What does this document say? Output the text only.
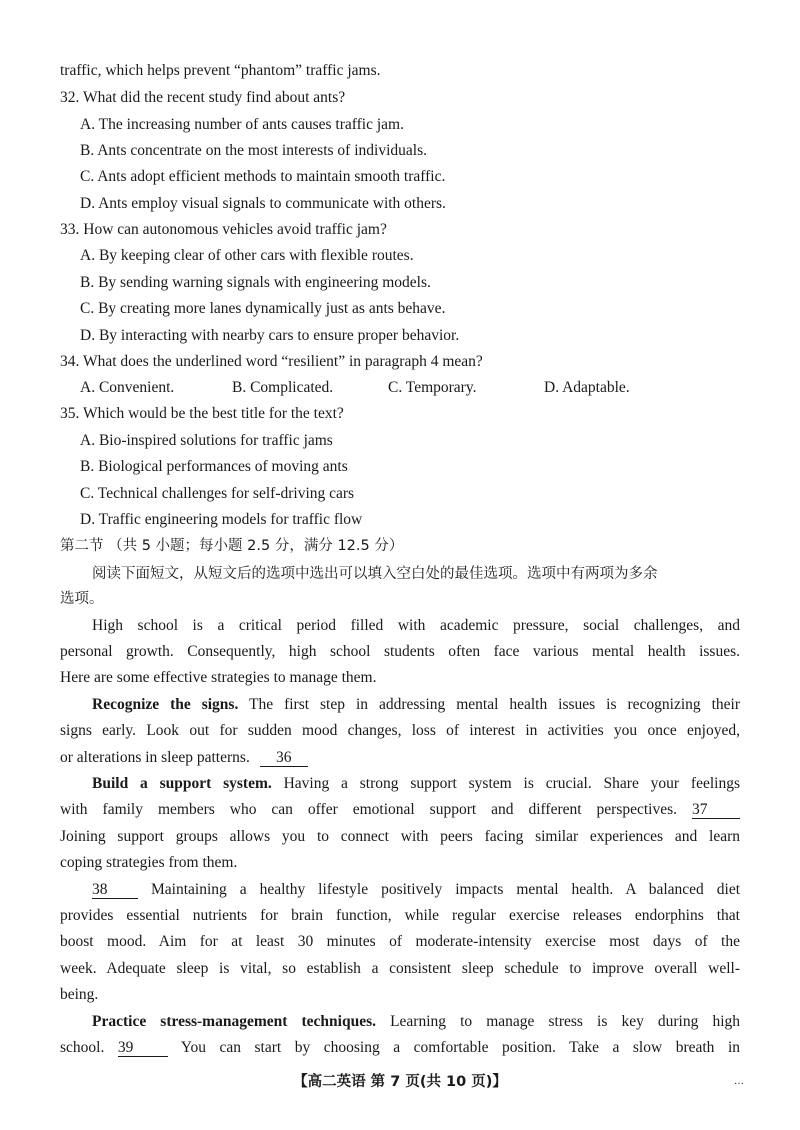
traffic, which helps prevent “phantom” traffic jams.
32. What did the recent study find about ants?
A. The increasing number of ants causes traffic jam.
B. Ants concentrate on the most interests of individuals.
C. Ants adopt efficient methods to maintain smooth traffic.
D. Ants employ visual signals to communicate with others.
33. How can autonomous vehicles avoid traffic jam?
A. By keeping clear of other cars with flexible routes.
B. By sending warning signals with engineering models.
C. By creating more lanes dynamically just as ants behave.
D. By interacting with nearby cars to ensure proper behavior.
34. What does the underlined word “resilient” in paragraph 4 mean?
A. Convenient.	B. Complicated.	C. Temporary.	D. Adaptable.
35. Which would be the best title for the text?
A. Bio-inspired solutions for traffic jams
B. Biological performances of moving ants
C. Technical challenges for self-driving cars
D. Traffic engineering models for traffic flow
第二节 （共 5 小题；每小题 2.5 分，满分 12.5 分）
阅读下面短文，从短文后的选项中选出可以填入空白处的最佳选项。选项中有两项为多余
选项。
High school is a critical period filled with academic pressure, social challenges, and
personal growth. Consequently, high school students often face various mental health issues.
Here are some effective strategies to manage them.
Recognize the signs. The first step in addressing mental health issues is recognizing their
signs early. Look out for sudden mood changes, loss of interest in activities you once enjoyed,
or alterations in sleep patterns. 36
Build a support system. Having a strong support system is crucial. Share your feelings
with family members who can offer emotional support and different perspectives. 37
Joining support groups allows you to connect with peers facing similar experiences and learn
coping strategies from them.
38	Maintaining a healthy lifestyle positively impacts mental health. A balanced diet
provides essential nutrients for brain function, while regular exercise releases endorphins that
boost mood. Aim for at least 30 minutes of moderate-intensity exercise most days of the
week. Adequate sleep is vital, so establish a consistent sleep schedule to improve overall well-
being.
Practice stress-management techniques. Learning to manage stress is key during high
school. 39	You can start by choosing a comfortable position. Take a slow breath in
【高二英语 第 7 页(共 10 页)】	…
